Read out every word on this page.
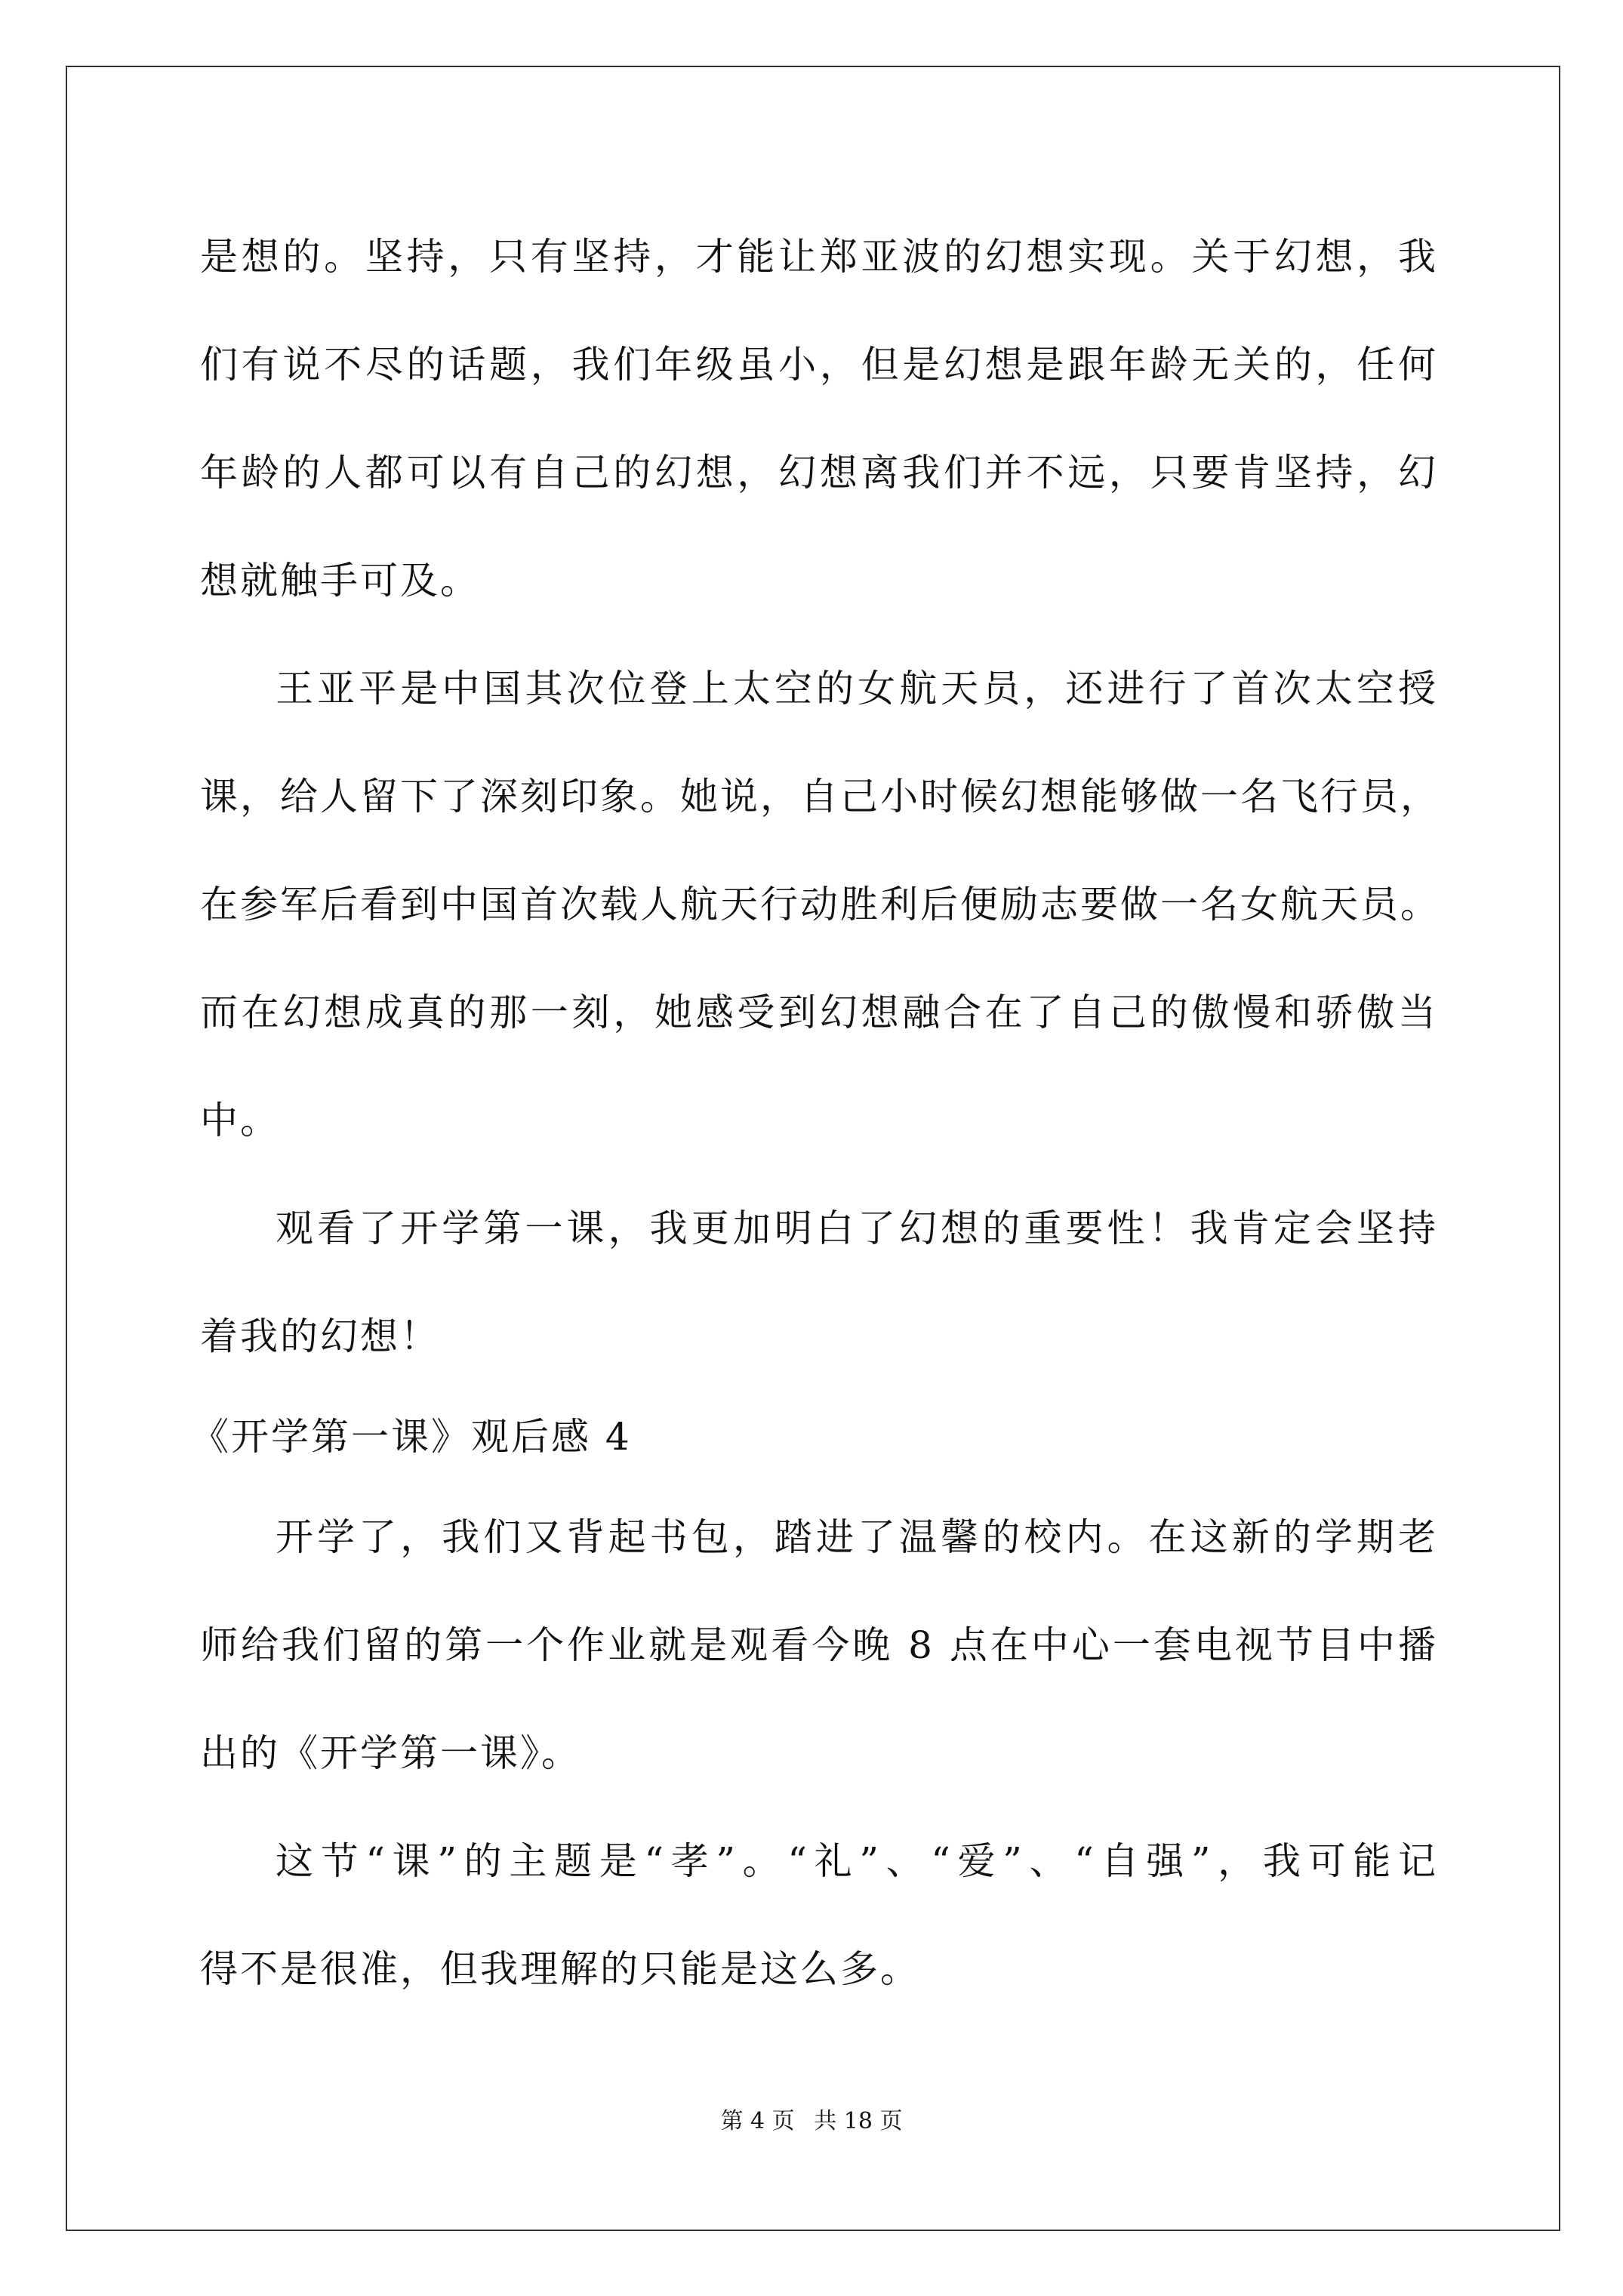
是想的。坚持，只有坚持，才能让郑亚波的幻想实现。关于幻想，我
们有说不尽的话题，我们年级虽小，但是幻想是跟年龄无关的，任何
年龄的人都可以有自己的幻想，幻想离我们并不远，只要肯坚持，幻
想就触手可及。
王亚平是中国其次位登上太空的女航天员，还进行了首次太空授
课，给人留下了深刻印象。她说，自己小时候幻想能够做一名飞行员，
在参军后看到中国首次载人航天行动胜利后便励志要做一名女航天员。
而在幻想成真的那一刻，她感受到幻想融合在了自己的傲慢和骄傲当
中。
观看了开学第一课，我更加明白了幻想的重要性！我肯定会坚持
着我的幻想！
《开学第一课》观后感 4
开学了，我们又背起书包，踏进了温馨的校内。在这新的学期老
师给我们留的第一个作业就是观看今晚 8 点在中心一套电视节目中播
出的《开学第一课》。
这节“课”的主题是“孝”。“礼”、“爱”、“自强”，我可能记
得不是很准，但我理解的只能是这么多。
第 4 页 共 18 页
